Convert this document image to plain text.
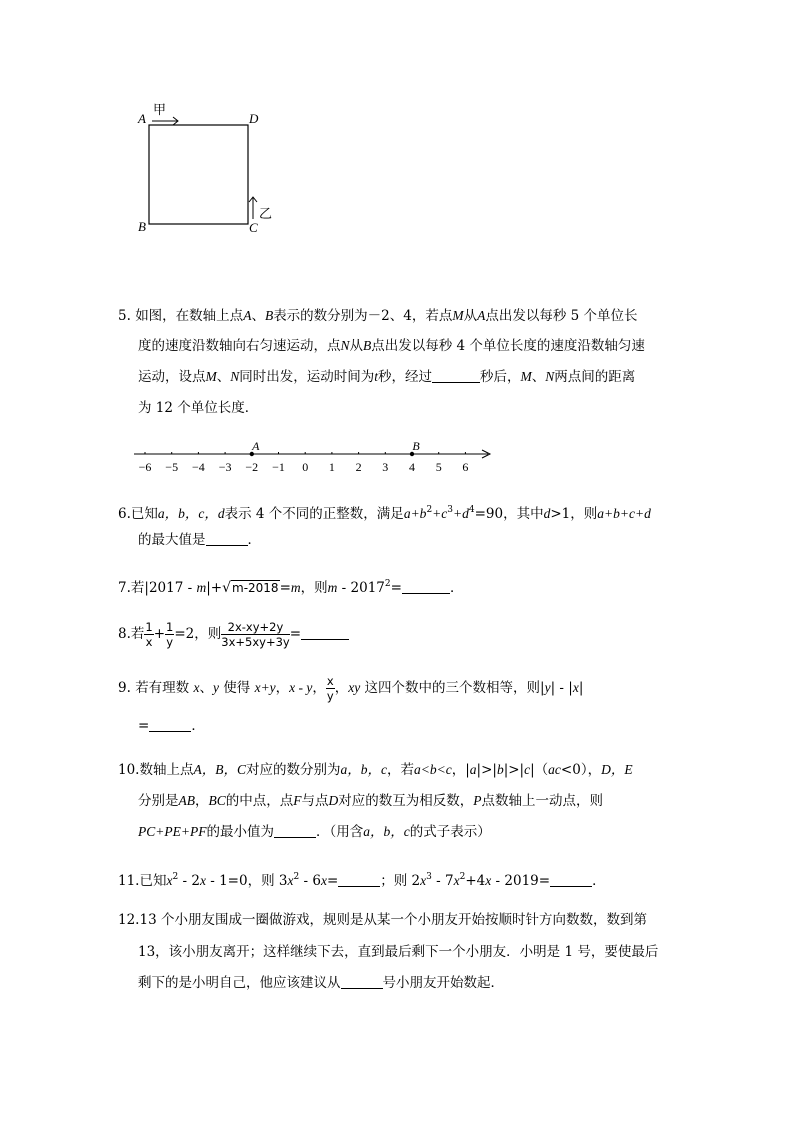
A	D
B	C
甲
乙
5. 如图，在数轴上点A、B表示的数分别为－2、4，若点M从A点出发以每秒 5 个单位长
度的速度沿数轴向右匀速运动，点N从B点出发以每秒 4 个单位长度的速度沿数轴匀速
运动，设点M、N同时出发，运动时间为t秒，经过	秒后，M、N两点间的距离
为 12 个单位长度．
−6 −5 −4 −3 −2 −1 0 1 2 3 4 5 6
A	B
6.已知a，b，c，d表示 4 个不同的正整数，满足$a+b^2+c^3+d^4=90$，其中d>1，则a+b+c+d
的最大值是	．
7.若|2017 - m|+√m-2018=m，则$m - 2017^2=$	．
8.若 $\frac{1}{x} + \frac{1}{y} =2$，则 $\frac{2x-xy+2y}{3x+5xy+3y}$ =
9. 若有理数 x、y 使得 x+y，x - y， $\frac{x}{y}$ ，xy 这四个数中的三个数相等，则|y| - |x|
=	．
10.数轴上点A，B，C对应的数分别为a，b，c，若a<b<c，|a|>|b|>|c|（ac<0），D，E
分别是AB，BC的中点，点F与点D对应的数互为相反数，P点数轴上一动点，则
PC+PE+PF的最小值为	．（用含a，b，c的式子表示）
11.已知$x^2 - 2x - 1=0$，则 $3x^2 - 6x=$	；则 $2x^3 - 7x^2+4x - 2019=$	．
12.13 个小朋友围成一圈做游戏，规则是从某一个小朋友开始按顺时针方向数数，数到第
13，该小朋友离开；这样继续下去，直到最后剩下一个小朋友．小明是 1 号，要使最后
剩下的是小明自己，他应该建议从	号小朋友开始数起．
